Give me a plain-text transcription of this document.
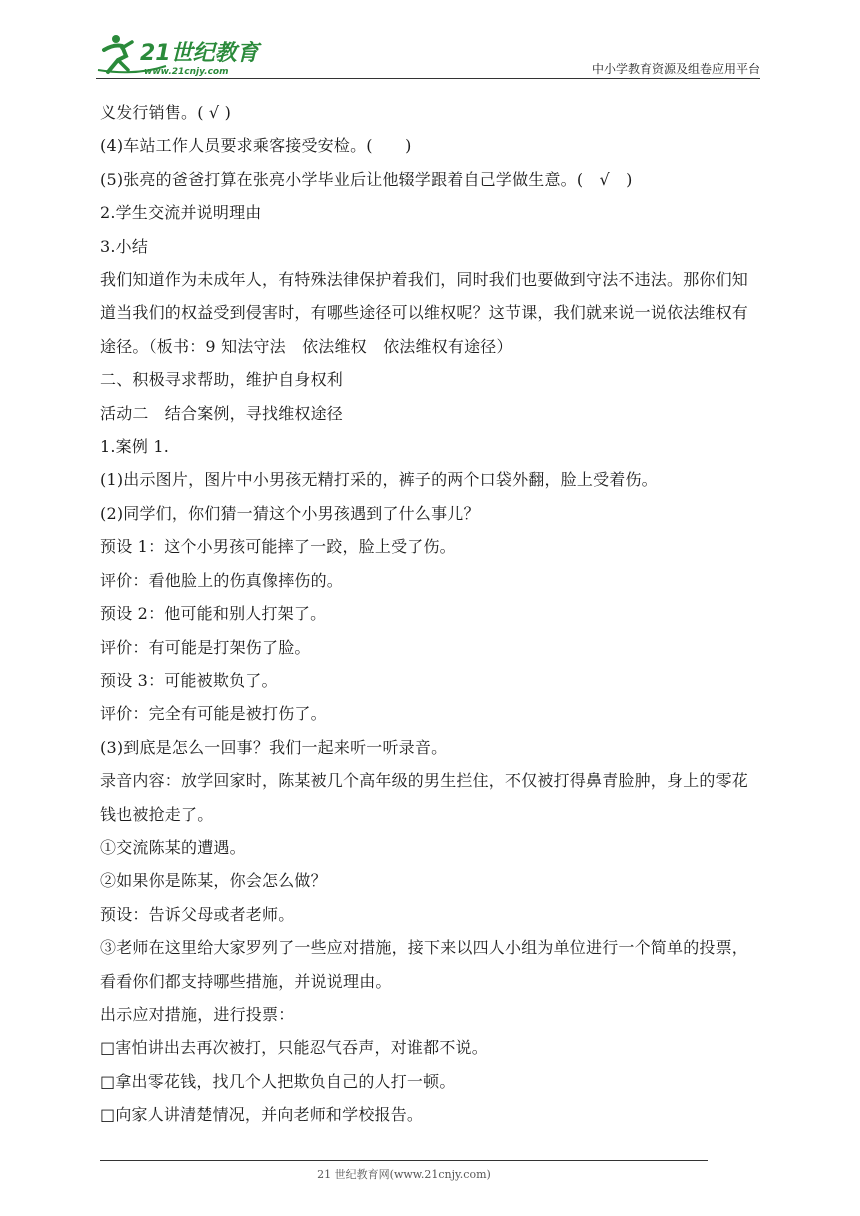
21世纪教育
www.21cnjy.com	中小学教育资源及组卷应用平台
义发行销售。( √ )
(4)车站工作人员要求乘客接受安检。(　　)
(5)张亮的爸爸打算在张亮小学毕业后让他辍学跟着自己学做生意。(　√　)
2.学生交流并说明理由
3.小结
我们知道作为未成年人，有特殊法律保护着我们，同时我们也要做到守法不违法。那你们知道当我们的权益受到侵害时，有哪些途径可以维权呢？这节课，我们就来说一说依法维权有途径。（板书：9 知法守法　依法维权　依法维权有途径）
二、积极寻求帮助，维护自身权利
活动二　结合案例，寻找维权途径
1.案例 1.
(1)出示图片，图片中小男孩无精打采的，裤子的两个口袋外翻，脸上受着伤。
(2)同学们，你们猜一猜这个小男孩遇到了什么事儿？
预设 1：这个小男孩可能摔了一跤，脸上受了伤。
评价：看他脸上的伤真像摔伤的。
预设 2：他可能和别人打架了。
评价：有可能是打架伤了脸。
预设 3：可能被欺负了。
评价：完全有可能是被打伤了。
(3)到底是怎么一回事？我们一起来听一听录音。
录音内容：放学回家时，陈某被几个高年级的男生拦住，不仅被打得鼻青脸肿，身上的零花钱也被抢走了。
①交流陈某的遭遇。
②如果你是陈某，你会怎么做？
预设：告诉父母或者老师。
③老师在这里给大家罗列了一些应对措施，接下来以四人小组为单位进行一个简单的投票，看看你们都支持哪些措施，并说说理由。
出示应对措施，进行投票：
□害怕讲出去再次被打，只能忍气吞声，对谁都不说。
□拿出零花钱，找几个人把欺负自己的人打一顿。
□向家人讲清楚情况，并向老师和学校报告。
21 世纪教育网(www.21cnjy.com)
